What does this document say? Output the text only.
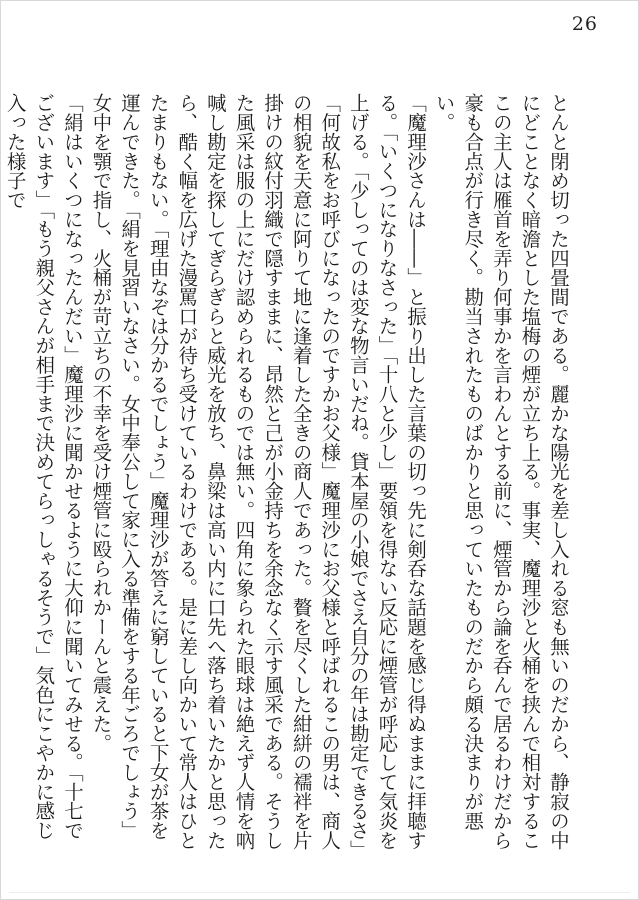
26

とんと閉め切った四畳間である。麗かな陽光を差し入れる窓も無いのだから、静寂の中にどことなく暗澹とした塩梅の煙が立ち上る。事実、魔理沙と火桶を挟んで相対するここの主人は雁首を弄り何事かを言わんとする前に、煙管から論を呑んで居るわけだから豪も合点が行き尽く。勘当されたものばかりと思っていたものだから頗る決まりが悪い。

「魔理沙さんは――」と振り出した言葉の切っ先に剣呑な話題を感じ得ぬままに拝聴する。「いくつになりなさった」「十八と少し」要領を得ない反応に煙管が呼応して気炎を上げる。「少しってのは変な物言いだね。貸本屋の小娘でさえ自分の年は勘定できるさ」「何故私をお呼びになったのですかお父様」魔理沙にお父様と呼ばれるこの男は、商人の相貌を天意に阿りて地に逢着した全きの商人であった。贅を尽くした紺絣の襦袢を片掛けの紋付羽織で隠すままに、昂然と己が小金持ちを余念なく示す風采である。そうした風采は服の上にだけ認められるものでは無い。四角に象られた眼球は絶えず人情を吶喊し勘定を探してぎらぎらと威光を放ち、鼻梁は高い内に口先へ落ち着いたかと思ったら、酷く幅を広げた漫罵口が待ち受けているわけである。是に差し向かいて常人はひとたまりもない。「理由なぞは分かるでしょう」魔理沙が答えに窮していると下女が茶を運んできた。「絹を見習いなさい。女中奉公して家に入る準備をする年ごろでしょう」女中を顎で指し、火桶が苛立ちの不幸を受け煙管に殴られかーんと震えた。

「絹はいくつになったんだい」魔理沙に聞かせるように大仰に聞いてみせる。「十七でございます」「もう親父さんが相手まで決めてらっしゃるそうで」気色にこやかに感じ入った様子で
